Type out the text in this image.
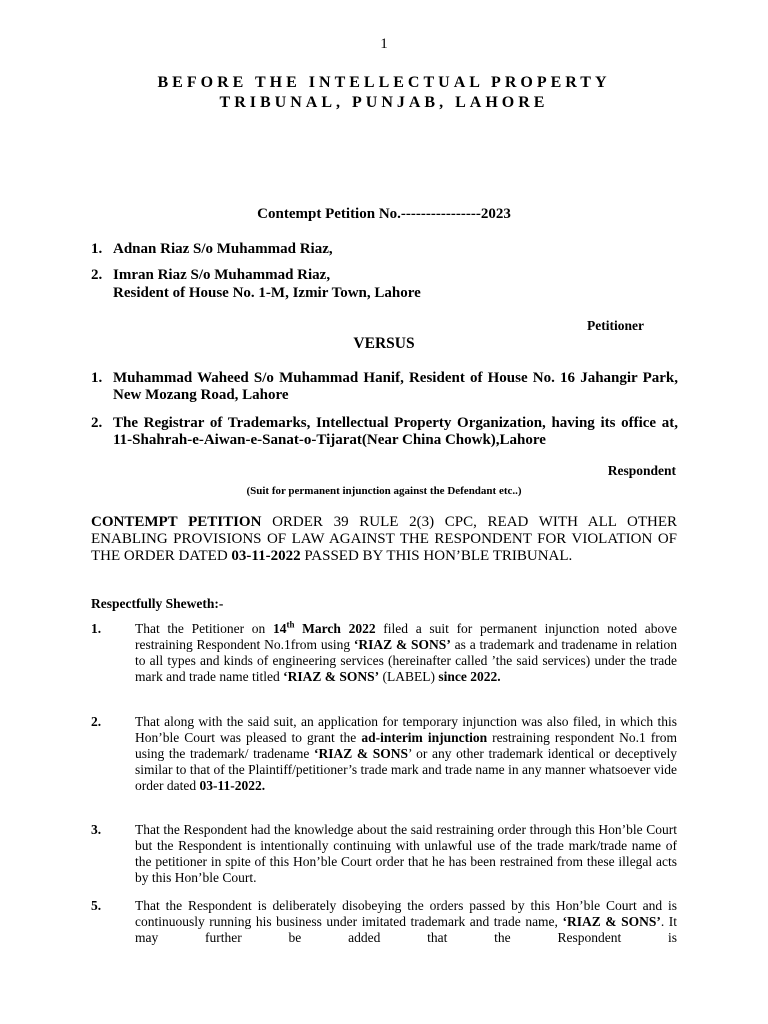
1
BEFORE THE INTELLECTUAL PROPERTY
TRIBUNAL, PUNJAB, LAHORE
Contempt Petition No.----------------2023
1. Adnan Riaz S/o Muhammad Riaz,
2. Imran Riaz S/o Muhammad Riaz,
Resident of House No. 1-M, Izmir Town, Lahore
Petitioner
VERSUS
1. Muhammad Waheed S/o Muhammad Hanif, Resident of House No. 16 Jahangir Park, New Mozang Road, Lahore
2. The Registrar of Trademarks, Intellectual Property Organization, having its office at, 11-Shahrah-e-Aiwan-e-Sanat-o-Tijarat(Near China Chowk),Lahore
Respondent
(Suit for permanent injunction against the Defendant etc..)
CONTEMPT PETITION ORDER 39 RULE 2(3) CPC, READ WITH ALL OTHER ENABLING PROVISIONS OF LAW AGAINST THE RESPONDENT FOR VIOLATION OF THE ORDER DATED 03-11-2022 PASSED BY THIS HON’BLE TRIBUNAL.
Respectfully Sheweth:-
1.	That the Petitioner on 14th March 2022 filed a suit for permanent injunction noted above restraining Respondent No.1from using ‘RIAZ & SONS’ as a trademark and tradename in relation to all types and kinds of engineering services (hereinafter called ’the said services) under the trade mark and trade name titled ‘RIAZ & SONS’ (LABEL) since 2022.
2.	That along with the said suit, an application for temporary injunction was also filed, in which this Hon’ble Court was pleased to grant the ad-interim injunction restraining respondent No.1 from using the trademark/ tradename ‘RIAZ & SONS’ or any other trademark identical or deceptively similar to that of the Plaintiff/petitioner’s trade mark and trade name in any manner whatsoever vide order dated 03-11-2022.
3.	That the Respondent had the knowledge about the said restraining order through this Hon’ble Court but the Respondent is intentionally continuing with unlawful use of the trade mark/trade name of the petitioner in spite of this Hon’ble Court order that he has been restrained from these illegal acts by this Hon’ble Court.
5.	That the Respondent is deliberately disobeying the orders passed by this Hon’ble Court and is continuously running his business under imitated trademark and trade name, ‘RIAZ & SONS’. It may further be added that the Respondent is
